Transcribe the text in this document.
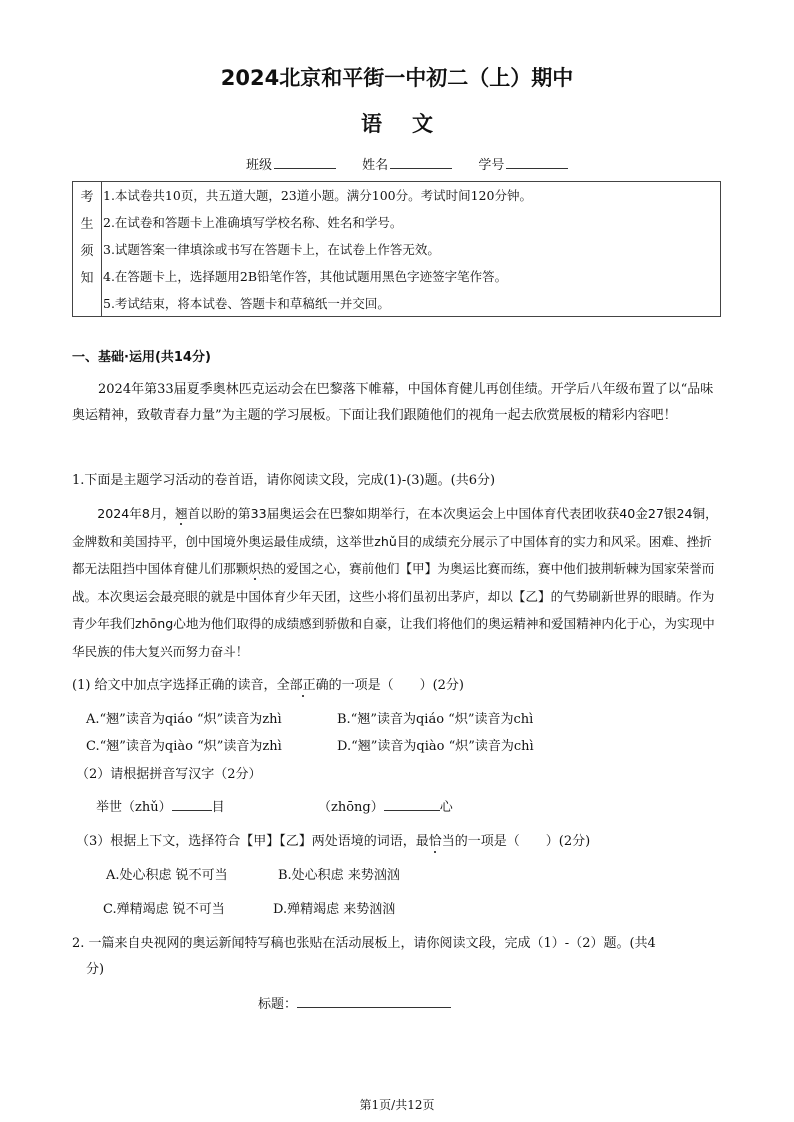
2024北京和平街一中初二（上）期中
语文
班级	姓名	学号
考
生
须
知
1.本试卷共10页，共五道大题，23道小题。满分100分。考试时间120分钟。
2.在试卷和答题卡上准确填写学校名称、姓名和学号。
3.试题答案一律填涂或书写在答题卡上，在试卷上作答无效。
4.在答题卡上，选择题用2B铅笔作答，其他试题用黑色字迹签字笔作答。
5.考试结束，将本试卷、答题卡和草稿纸一并交回。
一、基础·运用(共14分)

2024年第33届夏季奥林匹克运动会在巴黎落下帷幕，中国体育健儿再创佳绩。开学后八年级布置了以“品味奥运精神，致敬青春力量”为主题的学习展板。下面让我们跟随他们的视角一起去欣赏展板的精彩内容吧！

1.下面是主题学习活动的卷首语，请你阅读文段，完成(1)-(3)题。(共6分)

2024年8月，翘首以盼的第33届奥运会在巴黎如期举行，在本次奥运会上中国体育代表团收获40金27银24铜，金牌数和美国持平，创中国境外奥运最佳成绩，这举世zhǔ目的成绩充分展示了中国体育的实力和风采。困难、挫折都无法阻挡中国体育健儿们那颗炽热的爱国之心，赛前他们【甲】为奥运比赛而练，赛中他们披荆斩棘为国家荣誉而战。本次奥运会最亮眼的就是中国体育少年天团，这些小将们虽初出茅庐，却以【乙】的气势刷新世界的眼睛。作为青少年我们zhōng心地为他们取得的成绩感到骄傲和自豪，让我们将他们的奥运精神和爱国精神内化于心，为实现中华民族的伟大复兴而努力奋斗！

(1) 给文中加点字选择正确的读音，全部正确的一项是（　　）(2分)
A.“翘”读音为qiáo “炽”读音为zhì	B.“翘”读音为qiáo “炽”读音为chì
C.“翘”读音为qiào “炽”读音为zhì	D.“翘”读音为qiào “炽”读音为chì
（2）请根据拼音写汉字（2分）
举世（zhǔ）	目	（zhōng）	心
（3）根据上下文，选择符合【甲】【乙】两处语境的词语，最恰当的一项是（　　）(2分)
A.处心积虑 锐不可当	B.处心积虑 来势汹汹
C.殚精竭虑 锐不可当	D.殚精竭虑 来势汹汹
2. 一篇来自央视网的奥运新闻特写稿也张贴在活动展板上，请你阅读文段，完成（1）-（2）题。(共4
分)
标题：
第1页/共12页
